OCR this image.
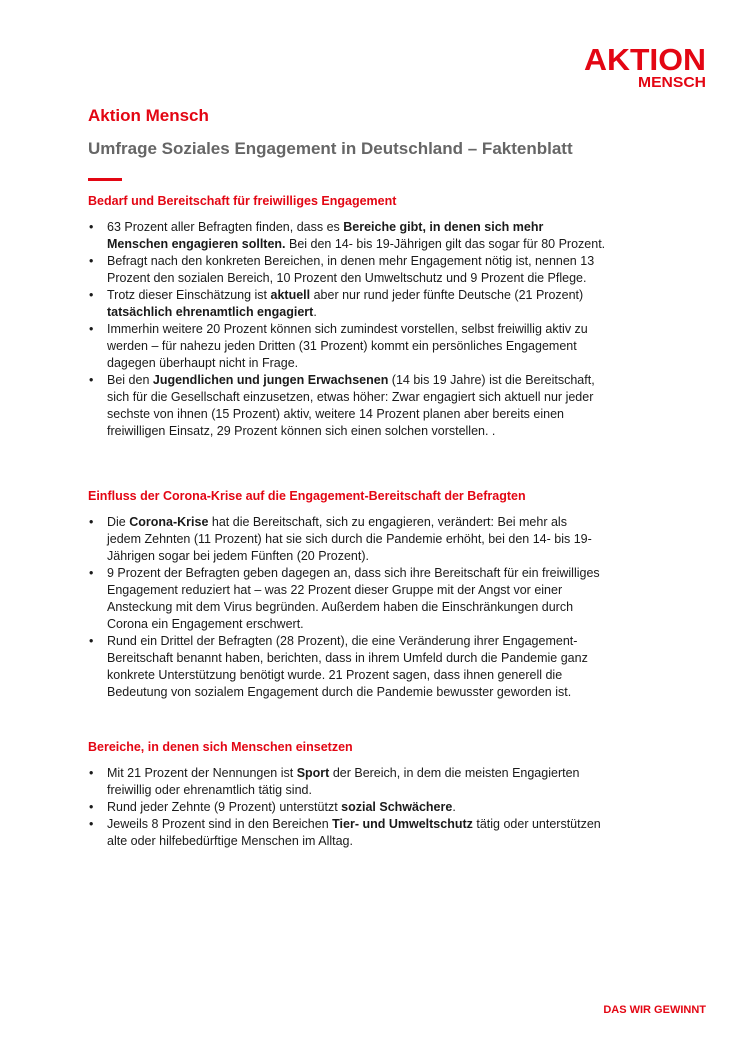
AKTION
MENSCH
Aktion Mensch
Umfrage Soziales Engagement in Deutschland – Faktenblatt
Bedarf und Bereitschaft für freiwilliges Engagement
• 63 Prozent aller Befragten finden, dass es Bereiche gibt, in denen sich mehr
Menschen engagieren sollten. Bei den 14- bis 19-Jährigen gilt das sogar für 80 Prozent.
• Befragt nach den konkreten Bereichen, in denen mehr Engagement nötig ist, nennen 13
Prozent den sozialen Bereich, 10 Prozent den Umweltschutz und 9 Prozent die Pflege.
• Trotz dieser Einschätzung ist aktuell aber nur rund jeder fünfte Deutsche (21 Prozent)
tatsächlich ehrenamtlich engagiert.
• Immerhin weitere 20 Prozent können sich zumindest vorstellen, selbst freiwillig aktiv zu
werden – für nahezu jeden Dritten (31 Prozent) kommt ein persönliches Engagement
dagegen überhaupt nicht in Frage.
• Bei den Jugendlichen und jungen Erwachsenen (14 bis 19 Jahre) ist die Bereitschaft,
sich für die Gesellschaft einzusetzen, etwas höher: Zwar engagiert sich aktuell nur jeder
sechste von ihnen (15 Prozent) aktiv, weitere 14 Prozent planen aber bereits einen
freiwilligen Einsatz, 29 Prozent können sich einen solchen vorstellen. .
Einfluss der Corona-Krise auf die Engagement-Bereitschaft der Befragten
• Die Corona-Krise hat die Bereitschaft, sich zu engagieren, verändert: Bei mehr als
jedem Zehnten (11 Prozent) hat sie sich durch die Pandemie erhöht, bei den 14- bis 19-
Jährigen sogar bei jedem Fünften (20 Prozent).
• 9 Prozent der Befragten geben dagegen an, dass sich ihre Bereitschaft für ein freiwilliges
Engagement reduziert hat – was 22 Prozent dieser Gruppe mit der Angst vor einer
Ansteckung mit dem Virus begründen. Außerdem haben die Einschränkungen durch
Corona ein Engagement erschwert.
• Rund ein Drittel der Befragten (28 Prozent), die eine Veränderung ihrer Engagement-
Bereitschaft benannt haben, berichten, dass in ihrem Umfeld durch die Pandemie ganz
konkrete Unterstützung benötigt wurde. 21 Prozent sagen, dass ihnen generell die
Bedeutung von sozialem Engagement durch die Pandemie bewusster geworden ist.
Bereiche, in denen sich Menschen einsetzen
• Mit 21 Prozent der Nennungen ist Sport der Bereich, in dem die meisten Engagierten
freiwillig oder ehrenamtlich tätig sind.
• Rund jeder Zehnte (9 Prozent) unterstützt sozial Schwächere.
• Jeweils 8 Prozent sind in den Bereichen Tier- und Umweltschutz tätig oder unterstützen
alte oder hilfebedürftige Menschen im Alltag.
DAS WIR GEWINNT
